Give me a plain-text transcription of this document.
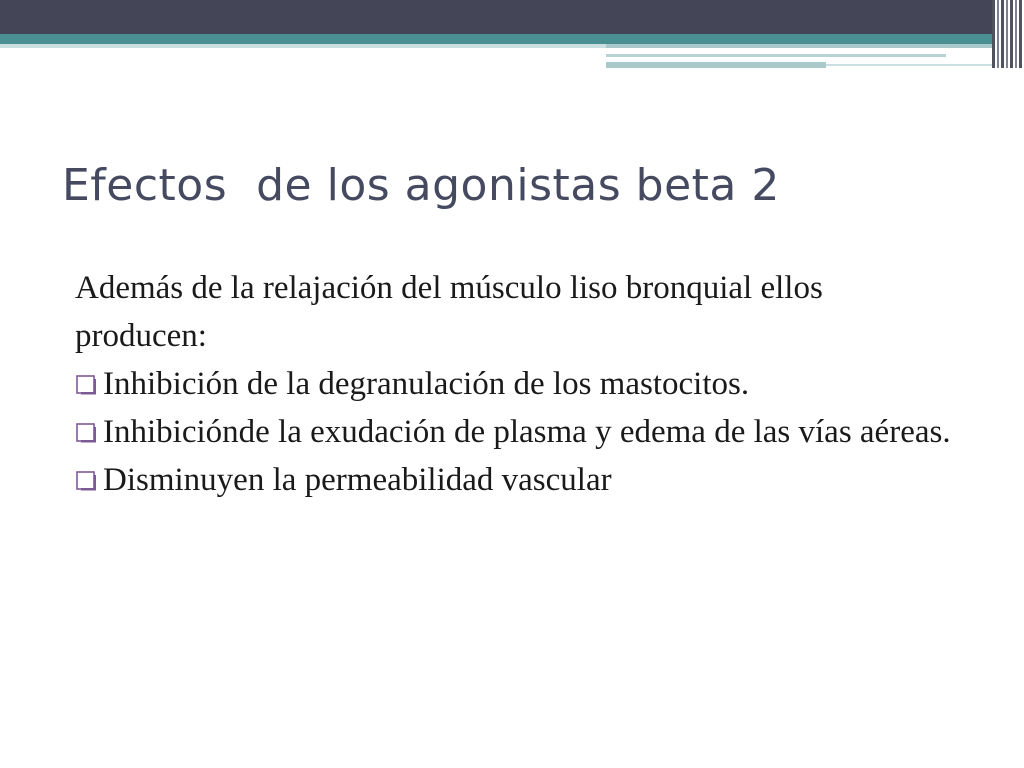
Efectos  de los agonistas beta 2

Además de la relajación del músculo liso bronquial ellos producen:

Inhibición de la degranulación de los mastocitos.
Inhibiciónde la exudación de plasma y edema de las vías aéreas.
Disminuyen la permeabilidad vascular
